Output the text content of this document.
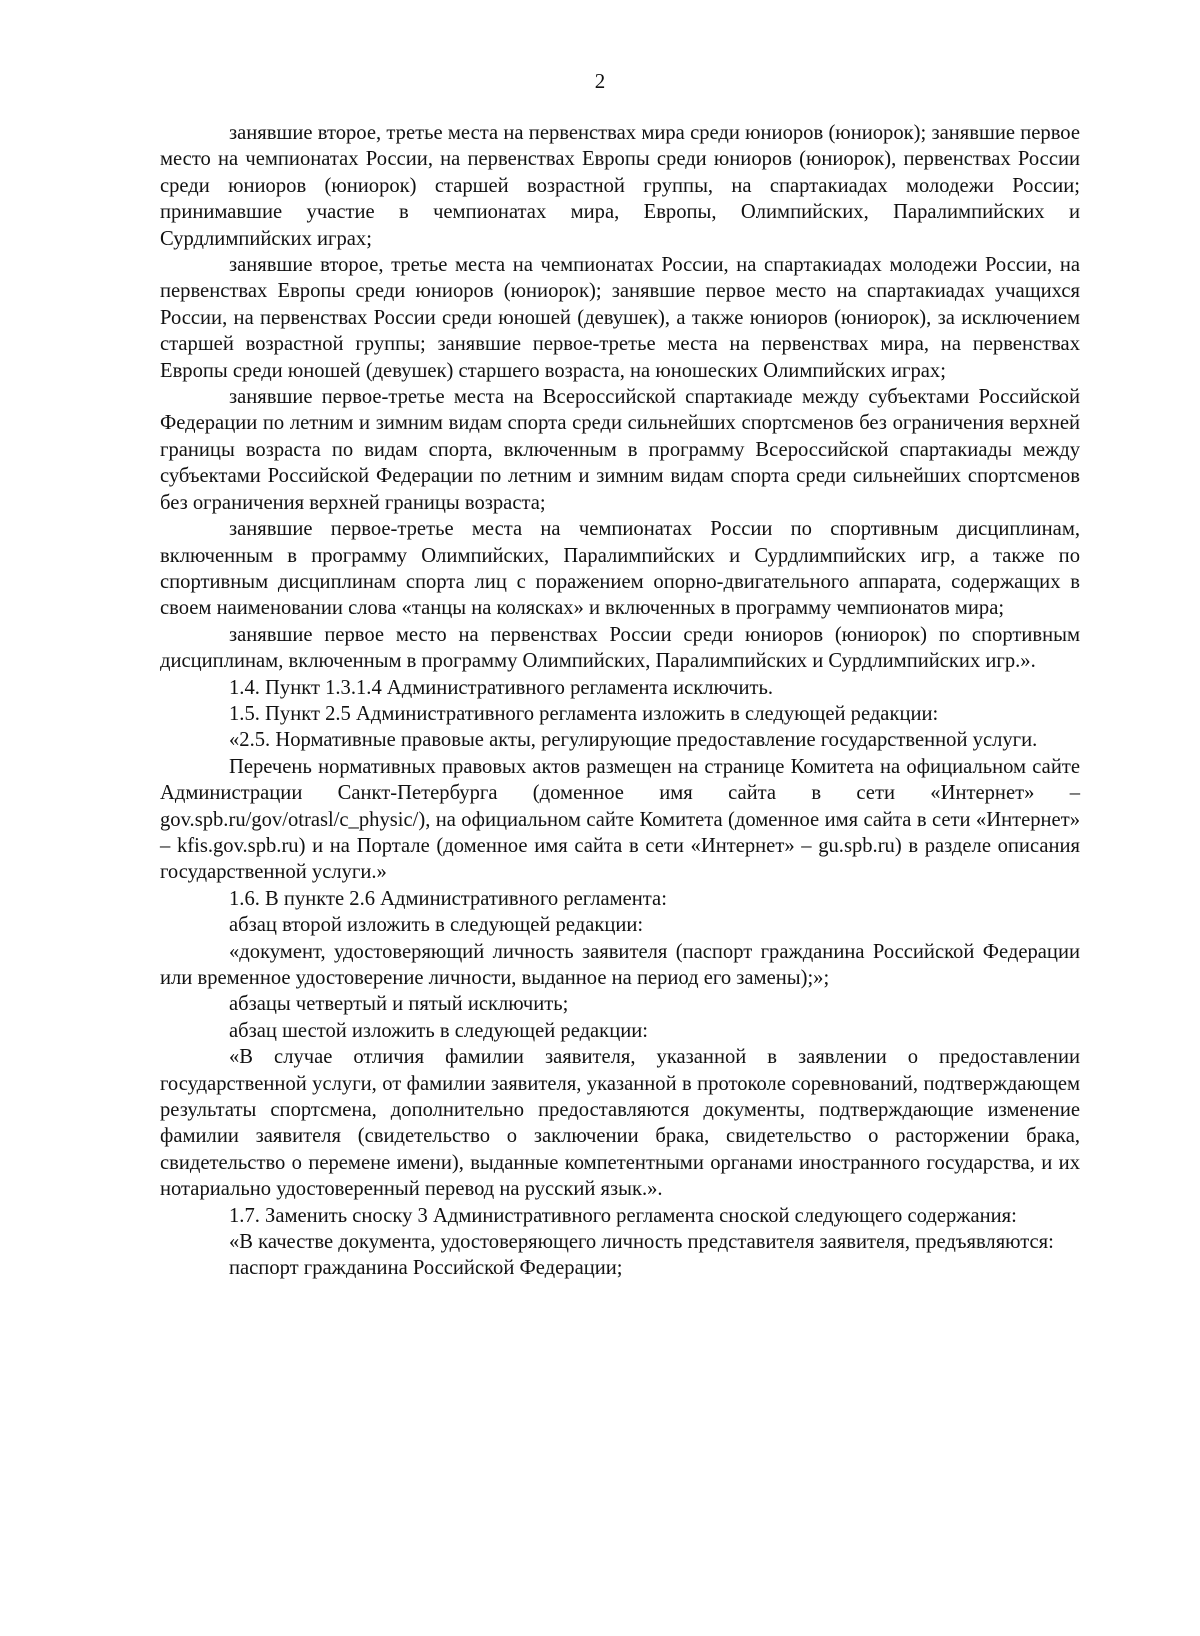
2

занявшие второе, третье места на первенствах мира среди юниоров (юниорок); занявшие первое место на чемпионатах России, на первенствах Европы среди юниоров (юниорок), первенствах России среди юниоров (юниорок) старшей возрастной группы, на спартакиадах молодежи России; принимавшие участие в чемпионатах мира, Европы, Олимпийских, Паралимпийских и Сурдлимпийских играх;

занявшие второе, третье места на чемпионатах России, на спартакиадах молодежи России, на первенствах Европы среди юниоров (юниорок); занявшие первое место на спартакиадах учащихся России, на первенствах России среди юношей (девушек), а также юниоров (юниорок), за исключением старшей возрастной группы; занявшие первое-третье места на первенствах мира, на первенствах Европы среди юношей (девушек) старшего возраста, на юношеских Олимпийских играх;

занявшие первое-третье места на Всероссийской спартакиаде между субъектами Российской Федерации по летним и зимним видам спорта среди сильнейших спортсменов без ограничения верхней границы возраста по видам спорта, включенным в программу Всероссийской спартакиады между субъектами Российской Федерации по летним и зимним видам спорта среди сильнейших спортсменов без ограничения верхней границы возраста;

занявшие первое-третье места на чемпионатах России по спортивным дисциплинам, включенным в программу Олимпийских, Паралимпийских и Сурдлимпийских игр, а также по спортивным дисциплинам спорта лиц с поражением опорно-двигательного аппарата, содержащих в своем наименовании слова «танцы на колясках» и включенных в программу чемпионатов мира;

занявшие первое место на первенствах России среди юниоров (юниорок) по спортивным дисциплинам, включенным в программу Олимпийских, Паралимпийских и Сурдлимпийских игр.».

1.4. Пункт 1.3.1.4 Административного регламента исключить.

1.5. Пункт 2.5 Административного регламента изложить в следующей редакции:

«2.5. Нормативные правовые акты, регулирующие предоставление государственной услуги.

Перечень нормативных правовых актов размещен на странице Комитета на официальном сайте Администрации Санкт-Петербурга (доменное имя сайта в сети «Интернет» – gov.spb.ru/gov/otrasl/c_physic/), на официальном сайте Комитета (доменное имя сайта в сети «Интернет» – kfis.gov.spb.ru) и на Портале (доменное имя сайта в сети «Интернет» – gu.spb.ru) в разделе описания государственной услуги.»

1.6. В пункте 2.6 Административного регламента:

абзац второй изложить в следующей редакции:

«документ, удостоверяющий личность заявителя (паспорт гражданина Российской Федерации или временное удостоверение личности, выданное на период его замены);»;

абзацы четвертый и пятый исключить;

абзац шестой изложить в следующей редакции:

«В случае отличия фамилии заявителя, указанной в заявлении о предоставлении государственной услуги, от фамилии заявителя, указанной в протоколе соревнований, подтверждающем результаты спортсмена, дополнительно предоставляются документы, подтверждающие изменение фамилии заявителя (свидетельство о заключении брака, свидетельство о расторжении брака, свидетельство о перемене имени), выданные компетентными органами иностранного государства, и их нотариально удостоверенный перевод на русский язык.».

1.7. Заменить сноску 3 Административного регламента сноской следующего содержания:

«В качестве документа, удостоверяющего личность представителя заявителя, предъявляются:

паспорт гражданина Российской Федерации;
